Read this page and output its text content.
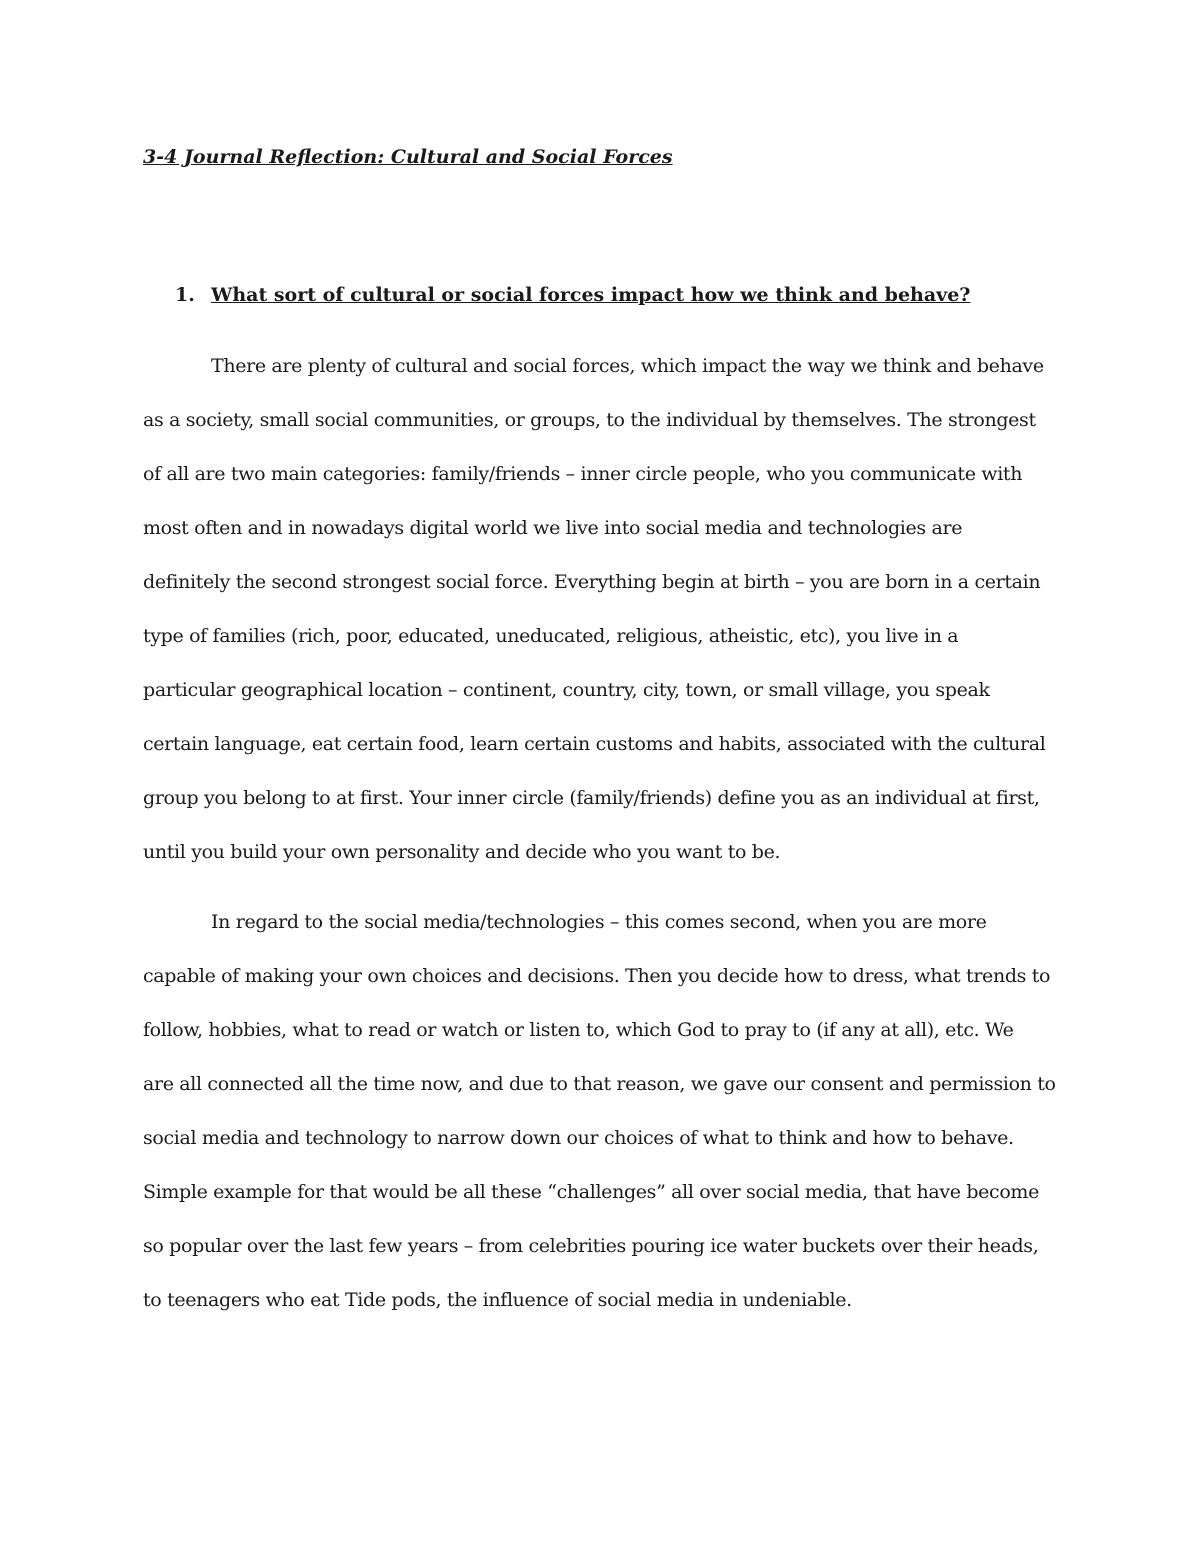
3-4 Journal Reflection: Cultural and Social Forces
1. What sort of cultural or social forces impact how we think and behave?

There are plenty of cultural and social forces, which impact the way we think and behave

as a society, small social communities, or groups, to the individual by themselves. The strongest

of all are two main categories: family/friends – inner circle people, who you communicate with

most often and in nowadays digital world we live into social media and technologies are

definitely the second strongest social force. Everything begin at birth – you are born in a certain

type of families (rich, poor, educated, uneducated, religious, atheistic, etc), you live in a

particular geographical location – continent, country, city, town, or small village, you speak

certain language, eat certain food, learn certain customs and habits, associated with the cultural

group you belong to at first. Your inner circle (family/friends) define you as an individual at first,

until you build your own personality and decide who you want to be.

In regard to the social media/technologies – this comes second, when you are more

capable of making your own choices and decisions. Then you decide how to dress, what trends to

follow, hobbies, what to read or watch or listen to, which God to pray to (if any at all), etc. We

are all connected all the time now, and due to that reason, we gave our consent and permission to

social media and technology to narrow down our choices of what to think and how to behave.

Simple example for that would be all these “challenges” all over social media, that have become

so popular over the last few years – from celebrities pouring ice water buckets over their heads,

to teenagers who eat Tide pods, the influence of social media in undeniable.
